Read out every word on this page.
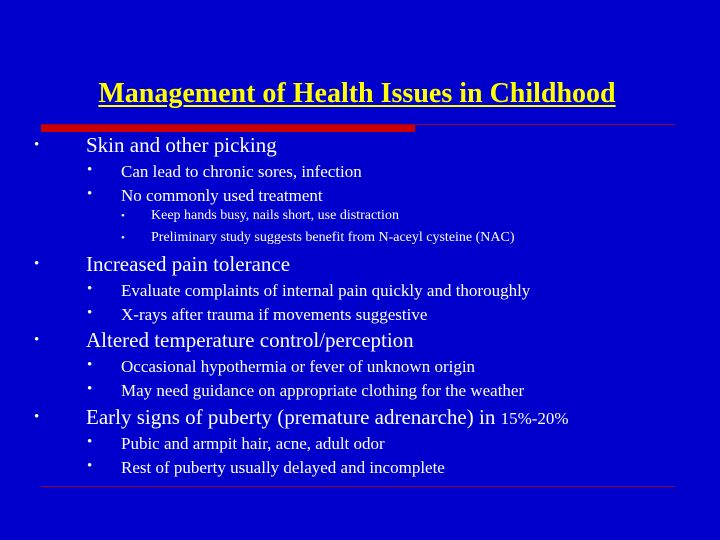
Management of Health Issues in Childhood
• Skin and other picking
• Can lead to chronic sores, infection
• No commonly used treatment
• Keep hands busy, nails short, use distraction
• Preliminary study suggests benefit from N-aceyl cysteine (NAC)
• Increased pain tolerance
• Evaluate complaints of internal pain quickly and thoroughly
• X-rays after trauma if movements suggestive
• Altered temperature control/perception
• Occasional hypothermia or fever of unknown origin
• May need guidance on appropriate clothing for the weather
• Early signs of puberty (premature adrenarche) in 15%-20%
• Pubic and armpit hair, acne, adult odor
• Rest of puberty usually delayed and incomplete
